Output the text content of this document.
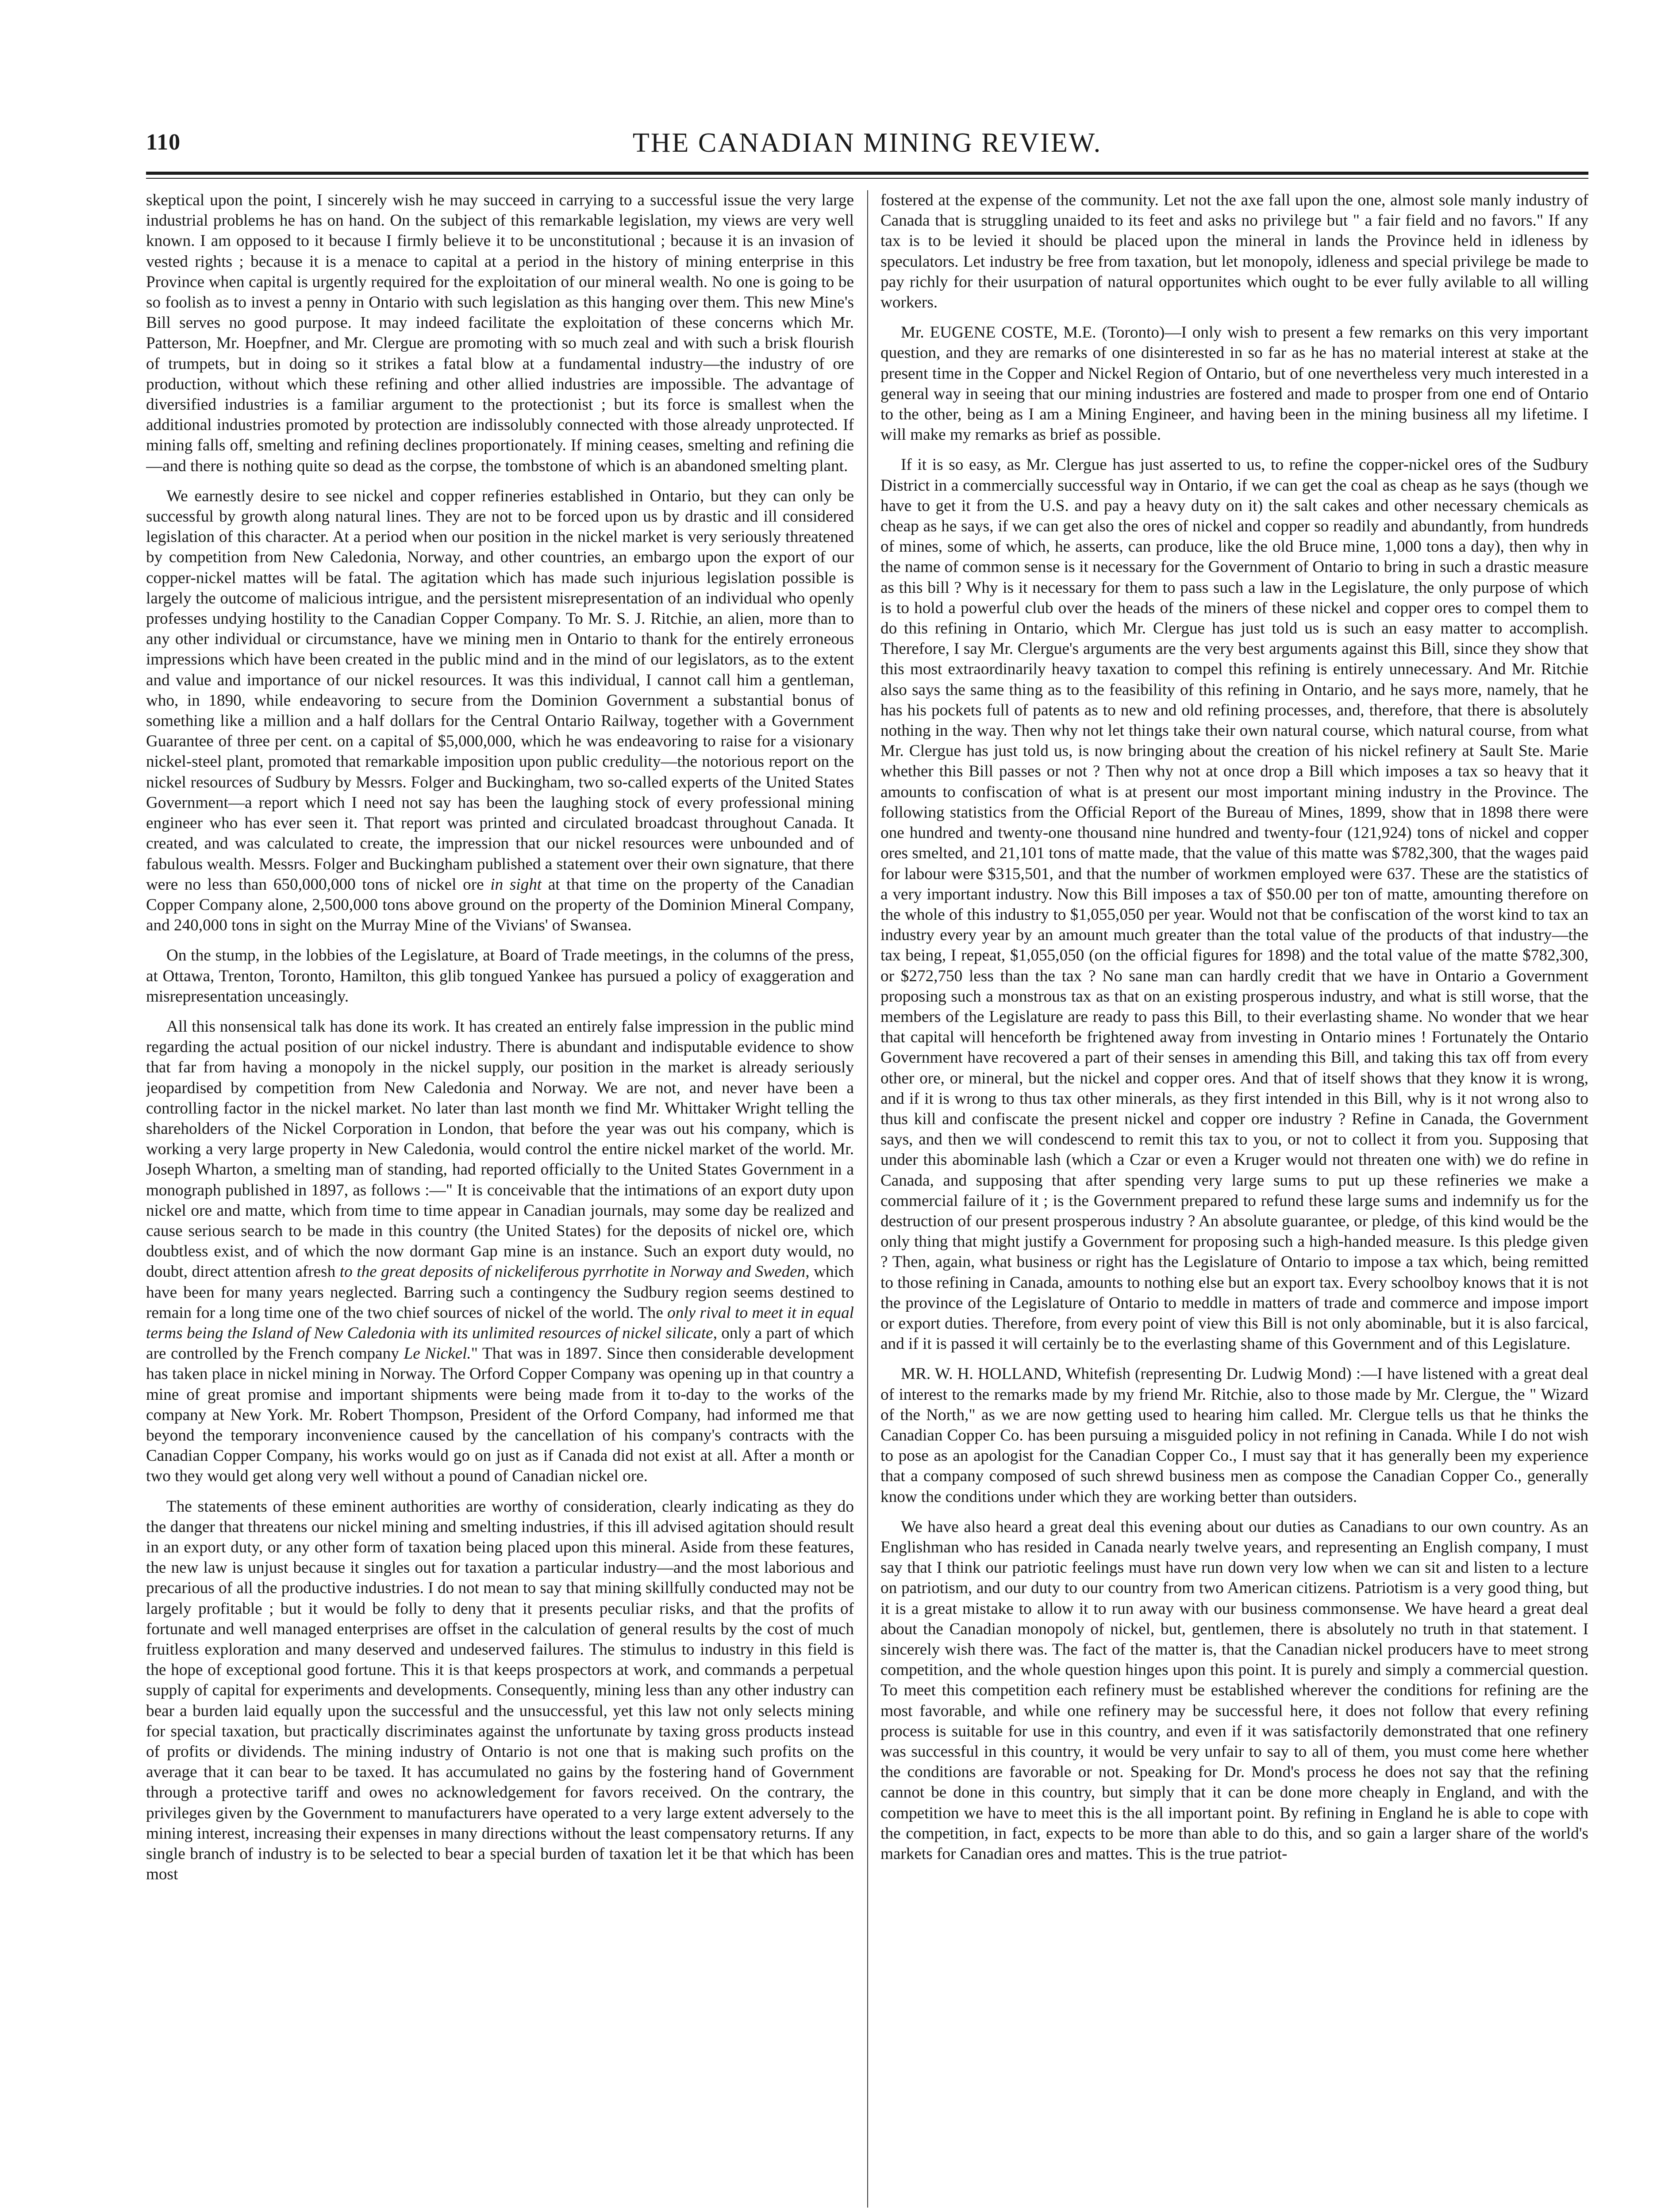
110	THE CANADIAN MINING REVIEW.

skeptical upon the point, I sincerely wish he may succeed in carrying to a successful issue the very large industrial problems he has on hand. On the subject of this remarkable legislation, my views are very well known. I am opposed to it because I firmly believe it to be unconstitutional ; because it is an invasion of vested rights ; because it is a menace to capital at a period in the history of mining enterprise in this Province when capital is urgently required for the exploitation of our mineral wealth. No one is going to be so foolish as to invest a penny in Ontario with such legislation as this hanging over them. This new Mine's Bill serves no good purpose. It may indeed facilitate the exploitation of these concerns which Mr. Patterson, Mr. Hoepfner, and Mr. Clergue are promoting with so much zeal and with such a brisk flourish of trumpets, but in doing so it strikes a fatal blow at a fundamental industry—the industry of ore production, without which these refining and other allied industries are impossible. The advantage of diversified industries is a familiar argument to the protectionist ; but its force is smallest when the additional industries promoted by protection are indissolubly connected with those already unprotected. If mining falls off, smelting and refining declines proportionately. If mining ceases, smelting and refining die—and there is nothing quite so dead as the corpse, the tombstone of which is an abandoned smelting plant.

We earnestly desire to see nickel and copper refineries established in Ontario, but they can only be successful by growth along natural lines. They are not to be forced upon us by drastic and ill considered legislation of this character. At a period when our position in the nickel market is very seriously threatened by competition from New Caledonia, Norway, and other countries, an embargo upon the export of our copper-nickel mattes will be fatal. The agitation which has made such injurious legislation possible is largely the outcome of malicious intrigue, and the persistent misrepresentation of an individual who openly professes undying hostility to the Canadian Copper Company. To Mr. S. J. Ritchie, an alien, more than to any other individual or circumstance, have we mining men in Ontario to thank for the entirely erroneous impressions which have been created in the public mind and in the mind of our legislators, as to the extent and value and importance of our nickel resources. It was this individual, I cannot call him a gentleman, who, in 1890, while endeavoring to secure from the Dominion Government a substantial bonus of something like a million and a half dollars for the Central Ontario Railway, together with a Government Guarantee of three per cent. on a capital of $5,000,000, which he was endeavoring to raise for a visionary nickel-steel plant, promoted that remarkable imposition upon public credulity—the notorious report on the nickel resources of Sudbury by Messrs. Folger and Buckingham, two so-called experts of the United States Government—a report which I need not say has been the laughing stock of every professional mining engineer who has ever seen it. That report was printed and circulated broadcast throughout Canada. It created, and was calculated to create, the impression that our nickel resources were unbounded and of fabulous wealth. Messrs. Folger and Buckingham published a statement over their own signature, that there were no less than 650,000,000 tons of nickel ore in sight at that time on the property of the Canadian Copper Company alone, 2,500,000 tons above ground on the property of the Dominion Mineral Company, and 240,000 tons in sight on the Murray Mine of the Vivians' of Swansea.

On the stump, in the lobbies of the Legislature, at Board of Trade meetings, in the columns of the press, at Ottawa, Trenton, Toronto, Hamilton, this glib tongued Yankee has pursued a policy of exaggeration and misrepresentation unceasingly.

All this nonsensical talk has done its work. It has created an entirely false impression in the public mind regarding the actual position of our nickel industry. There is abundant and indisputable evidence to show that far from having a monopoly in the nickel supply, our position in the market is already seriously jeopardised by competition from New Caledonia and Norway. We are not, and never have been a controlling factor in the nickel market. No later than last month we find Mr. Whittaker Wright telling the shareholders of the Nickel Corporation in London, that before the year was out his company, which is working a very large property in New Caledonia, would control the entire nickel market of the world. Mr. Joseph Wharton, a smelting man of standing, had reported officially to the United States Government in a monograph published in 1897, as follows :—" It is conceivable that the intimations of an export duty upon nickel ore and matte, which from time to time appear in Canadian journals, may some day be realized and cause serious search to be made in this country (the United States) for the deposits of nickel ore, which doubtless exist, and of which the now dormant Gap mine is an instance. Such an export duty would, no doubt, direct attention afresh to the great deposits of nickeliferous pyrrhotite in Norway and Sweden, which have been for many years neglected. Barring such a contingency the Sudbury region seems destined to remain for a long time one of the two chief sources of nickel of the world. The only rival to meet it in equal terms being the Island of New Caledonia with its unlimited resources of nickel silicate, only a part of which are controlled by the French company Le Nickel." That was in 1897. Since then considerable development has taken place in nickel mining in Norway. The Orford Copper Company was opening up in that country a mine of great promise and important shipments were being made from it to-day to the works of the company at New York. Mr. Robert Thompson, President of the Orford Company, had informed me that beyond the temporary inconvenience caused by the cancellation of his company's contracts with the Canadian Copper Company, his works would go on just as if Canada did not exist at all. After a month or two they would get along very well without a pound of Canadian nickel ore.

The statements of these eminent authorities are worthy of consideration, clearly indicating as they do the danger that threatens our nickel mining and smelting industries, if this ill advised agitation should result in an export duty, or any other form of taxation being placed upon this mineral. Aside from these features, the new law is unjust because it singles out for taxation a particular industry—and the most laborious and precarious of all the productive industries. I do not mean to say that mining skillfully conducted may not be largely profitable ; but it would be folly to deny that it presents peculiar risks, and that the profits of fortunate and well managed enterprises are offset in the calculation of general results by the cost of much fruitless exploration and many deserved and undeserved failures. The stimulus to industry in this field is the hope of exceptional good fortune. This it is that keeps prospectors at work, and commands a perpetual supply of capital for experiments and developments. Consequently, mining less than any other industry can bear a burden laid equally upon the successful and the unsuccessful, yet this law not only selects mining for special taxation, but practically discriminates against the unfortunate by taxing gross products instead of profits or dividends. The mining industry of Ontario is not one that is making such profits on the average that it can bear to be taxed. It has accumulated no gains by the fostering hand of Government through a protective tariff and owes no acknowledgement for favors received. On the contrary, the privileges given by the Government to manufacturers have operated to a very large extent adversely to the mining interest, increasing their expenses in many directions without the least compensatory returns. If any single branch of industry is to be selected to bear a special burden of taxation let it be that which has been most

fostered at the expense of the community. Let not the axe fall upon the one, almost sole manly industry of Canada that is struggling unaided to its feet and asks no privilege but " a fair field and no favors." If any tax is to be levied it should be placed upon the mineral in lands the Province held in idleness by speculators. Let industry be free from taxation, but let monopoly, idleness and special privilege be made to pay richly for their usurpation of natural opportunites which ought to be ever fully avilable to all willing workers.

Mr. EUGENE COSTE, M.E. (Toronto)—I only wish to present a few remarks on this very important question, and they are remarks of one disinterested in so far as he has no material interest at stake at the present time in the Copper and Nickel Region of Ontario, but of one nevertheless very much interested in a general way in seeing that our mining industries are fostered and made to prosper from one end of Ontario to the other, being as I am a Mining Engineer, and having been in the mining business all my lifetime. I will make my remarks as brief as possible.

If it is so easy, as Mr. Clergue has just asserted to us, to refine the copper-nickel ores of the Sudbury District in a commercially successful way in Ontario, if we can get the coal as cheap as he says (though we have to get it from the U.S. and pay a heavy duty on it) the salt cakes and other necessary chemicals as cheap as he says, if we can get also the ores of nickel and copper so readily and abundantly, from hundreds of mines, some of which, he asserts, can produce, like the old Bruce mine, 1,000 tons a day), then why in the name of common sense is it necessary for the Government of Ontario to bring in such a drastic measure as this bill ? Why is it necessary for them to pass such a law in the Legislature, the only purpose of which is to hold a powerful club over the heads of the miners of these nickel and copper ores to compel them to do this refining in Ontario, which Mr. Clergue has just told us is such an easy matter to accomplish. Therefore, I say Mr. Clergue's arguments are the very best arguments against this Bill, since they show that this most extraordinarily heavy taxation to compel this refining is entirely unnecessary. And Mr. Ritchie also says the same thing as to the feasibility of this refining in Ontario, and he says more, namely, that he has his pockets full of patents as to new and old refining processes, and, therefore, that there is absolutely nothing in the way. Then why not let things take their own natural course, which natural course, from what Mr. Clergue has just told us, is now bringing about the creation of his nickel refinery at Sault Ste. Marie whether this Bill passes or not ? Then why not at once drop a Bill which imposes a tax so heavy that it amounts to confiscation of what is at present our most important mining industry in the Province. The following statistics from the Official Report of the Bureau of Mines, 1899, show that in 1898 there were one hundred and twenty-one thousand nine hundred and twenty-four (121,924) tons of nickel and copper ores smelted, and 21,101 tons of matte made, that the value of this matte was $782,300, that the wages paid for labour were $315,501, and that the number of workmen employed were 637. These are the statistics of a very important industry. Now this Bill imposes a tax of $50.00 per ton of matte, amounting therefore on the whole of this industry to $1,055,050 per year. Would not that be confiscation of the worst kind to tax an industry every year by an amount much greater than the total value of the products of that industry—the tax being, I repeat, $1,055,050 (on the official figures for 1898) and the total value of the matte $782,300, or $272,750 less than the tax ? No sane man can hardly credit that we have in Ontario a Government proposing such a monstrous tax as that on an existing prosperous industry, and what is still worse, that the members of the Legislature are ready to pass this Bill, to their everlasting shame. No wonder that we hear that capital will henceforth be frightened away from investing in Ontario mines ! Fortunately the Ontario Government have recovered a part of their senses in amending this Bill, and taking this tax off from every other ore, or mineral, but the nickel and copper ores. And that of itself shows that they know it is wrong, and if it is wrong to thus tax other minerals, as they first intended in this Bill, why is it not wrong also to thus kill and confiscate the present nickel and copper ore industry ? Refine in Canada, the Government says, and then we will condescend to remit this tax to you, or not to collect it from you. Supposing that under this abominable lash (which a Czar or even a Kruger would not threaten one with) we do refine in Canada, and supposing that after spending very large sums to put up these refineries we make a commercial failure of it ; is the Government prepared to refund these large sums and indemnify us for the destruction of our present prosperous industry ? An absolute guarantee, or pledge, of this kind would be the only thing that might justify a Government for proposing such a high-handed measure. Is this pledge given ? Then, again, what business or right has the Legislature of Ontario to impose a tax which, being remitted to those refining in Canada, amounts to nothing else but an export tax. Every schoolboy knows that it is not the province of the Legislature of Ontario to meddle in matters of trade and commerce and impose import or export duties. Therefore, from every point of view this Bill is not only abominable, but it is also farcical, and if it is passed it will certainly be to the everlasting shame of this Government and of this Legislature.

MR. W. H. HOLLAND, Whitefish (representing Dr. Ludwig Mond) :—I have listened with a great deal of interest to the remarks made by my friend Mr. Ritchie, also to those made by Mr. Clergue, the " Wizard of the North," as we are now getting used to hearing him called. Mr. Clergue tells us that he thinks the Canadian Copper Co. has been pursuing a misguided policy in not refining in Canada. While I do not wish to pose as an apologist for the Canadian Copper Co., I must say that it has generally been my experience that a company composed of such shrewd business men as compose the Canadian Copper Co., generally know the conditions under which they are working better than outsiders.

We have also heard a great deal this evening about our duties as Canadians to our own country. As an Englishman who has resided in Canada nearly twelve years, and representing an English company, I must say that I think our patriotic feelings must have run down very low when we can sit and listen to a lecture on patriotism, and our duty to our country from two American citizens. Patriotism is a very good thing, but it is a great mistake to allow it to run away with our business commonsense. We have heard a great deal about the Canadian monopoly of nickel, but, gentlemen, there is absolutely no truth in that statement. I sincerely wish there was. The fact of the matter is, that the Canadian nickel producers have to meet strong competition, and the whole question hinges upon this point. It is purely and simply a commercial question. To meet this competition each refinery must be established wherever the conditions for refining are the most favorable, and while one refinery may be successful here, it does not follow that every refining process is suitable for use in this country, and even if it was satisfactorily demonstrated that one refinery was successful in this country, it would be very unfair to say to all of them, you must come here whether the conditions are favorable or not. Speaking for Dr. Mond's process he does not say that the refining cannot be done in this country, but simply that it can be done more cheaply in England, and with the competition we have to meet this is the all important point. By refining in England he is able to cope with the competition, in fact, expects to be more than able to do this, and so gain a larger share of the world's markets for Canadian ores and mattes. This is the true patriot-
